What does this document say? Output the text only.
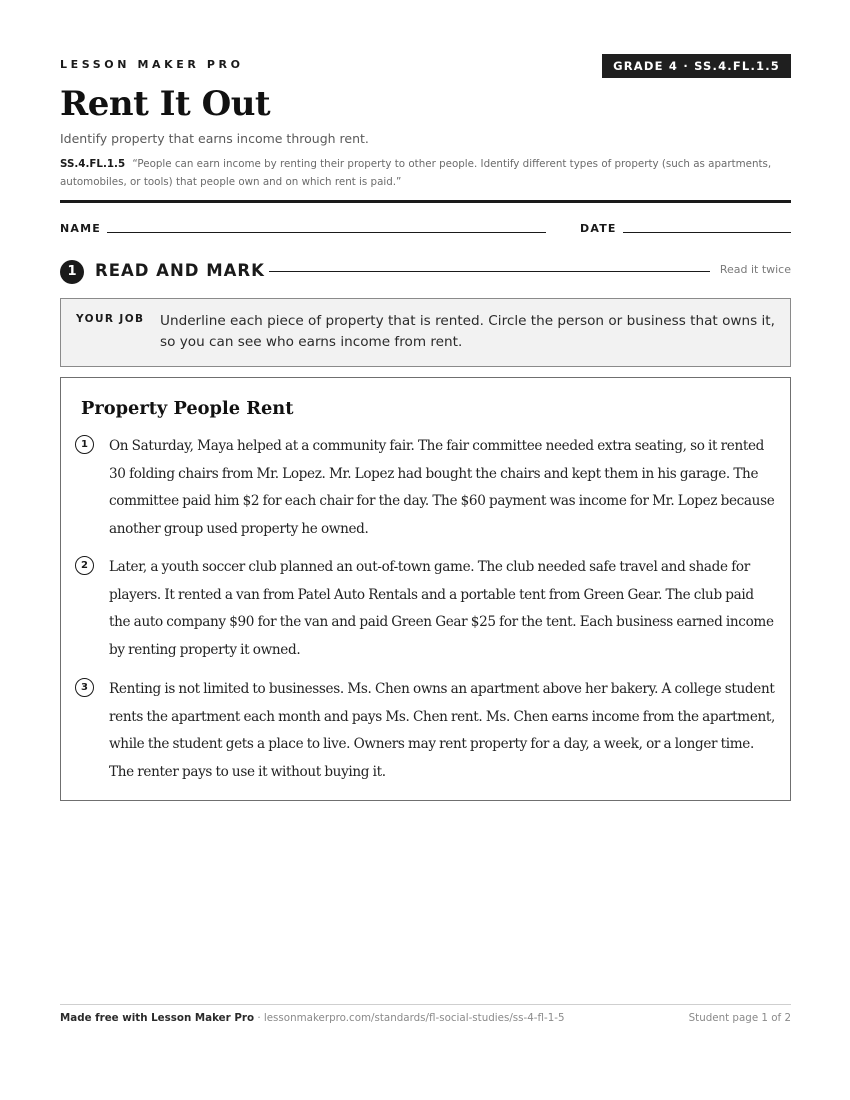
LESSON MAKER PRO	GRADE 4 · SS.4.FL.1.5
Rent It Out
Identify property that earns income through rent.
SS.4.FL.1.5 “People can earn income by renting their property to other people. Identify different types of property (such as apartments, automobiles, or tools) that people own and on which rent is paid.”
NAME	DATE
1	READ AND MARK	Read it twice
YOUR JOB Underline each piece of property that is rented. Circle the person or business that owns it, so you can see who earns income from rent.
Property People Rent
1	On Saturday, Maya helped at a community fair. The fair committee needed extra seating, so it rented 30 folding chairs from Mr. Lopez. Mr. Lopez had bought the chairs and kept them in his garage. The committee paid him $2 for each chair for the day. The $60 payment was income for Mr. Lopez because another group used property he owned.

2	Later, a youth soccer club planned an out-of-town game. The club needed safe travel and shade for players. It rented a van from Patel Auto Rentals and a portable tent from Green Gear. The club paid the auto company $90 for the van and paid Green Gear $25 for the tent. Each business earned income by renting property it owned.

3	Renting is not limited to businesses. Ms. Chen owns an apartment above her bakery. A college student rents the apartment each month and pays Ms. Chen rent. Ms. Chen earns income from the apartment, while the student gets a place to live. Owners may rent property for a day, a week, or a longer time. The renter pays to use it without buying it.

Made free with Lesson Maker Pro · lessonmakerpro.com/standards/fl-social-studies/ss-4-fl-1-5	Student page 1 of 2
